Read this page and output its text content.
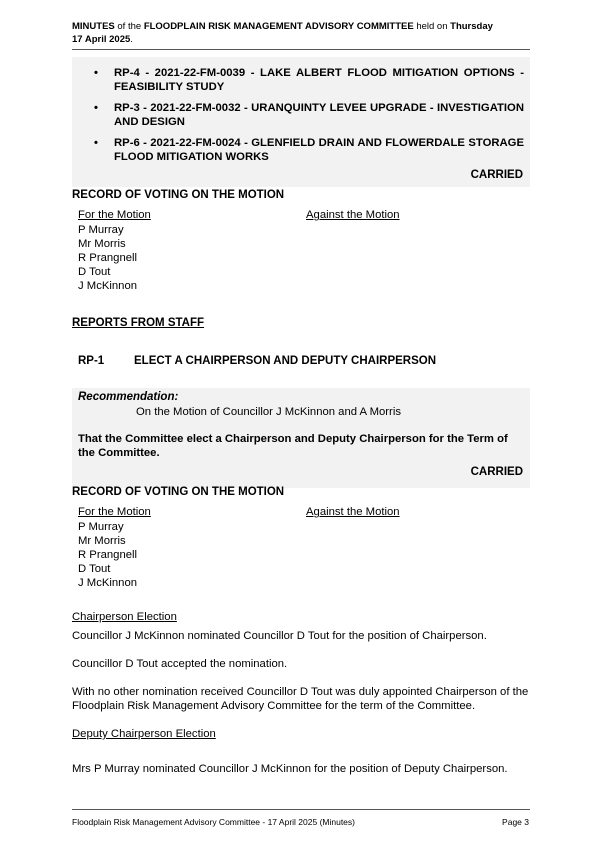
MINUTES of the FLOODPLAIN RISK MANAGEMENT ADVISORY COMMITTEE held on Thursday
17 April 2025.
• RP-4 - 2021-22-FM-0039 - LAKE ALBERT FLOOD MITIGATION OPTIONS - FEASIBILITY STUDY
• RP-3 - 2021-22-FM-0032 - URANQUINTY LEVEE UPGRADE - INVESTIGATION AND DESIGN
• RP-6 - 2021-22-FM-0024 - GLENFIELD DRAIN AND FLOWERDALE STORAGE FLOOD MITIGATION WORKS
CARRIED
RECORD OF VOTING ON THE MOTION
For the Motion	Against the Motion
P Murray
Mr Morris
R Prangnell
D Tout
J McKinnon
REPORTS FROM STAFF
RP-1	ELECT A CHAIRPERSON AND DEPUTY CHAIRPERSON
Recommendation:
On the Motion of Councillor J McKinnon and A Morris
That the Committee elect a Chairperson and Deputy Chairperson for the Term of the Committee.
CARRIED
RECORD OF VOTING ON THE MOTION
For the Motion	Against the Motion
P Murray
Mr Morris
R Prangnell
D Tout
J McKinnon
Chairperson Election
Councillor J McKinnon nominated Councillor D Tout for the position of Chairperson.
Councillor D Tout accepted the nomination.
With no other nomination received Councillor D Tout was duly appointed Chairperson of the Floodplain Risk Management Advisory Committee for the term of the Committee.
Deputy Chairperson Election
Mrs P Murray nominated Councillor J McKinnon for the position of Deputy Chairperson.
Floodplain Risk Management Advisory Committee - 17 April 2025 (Minutes)	Page 3
